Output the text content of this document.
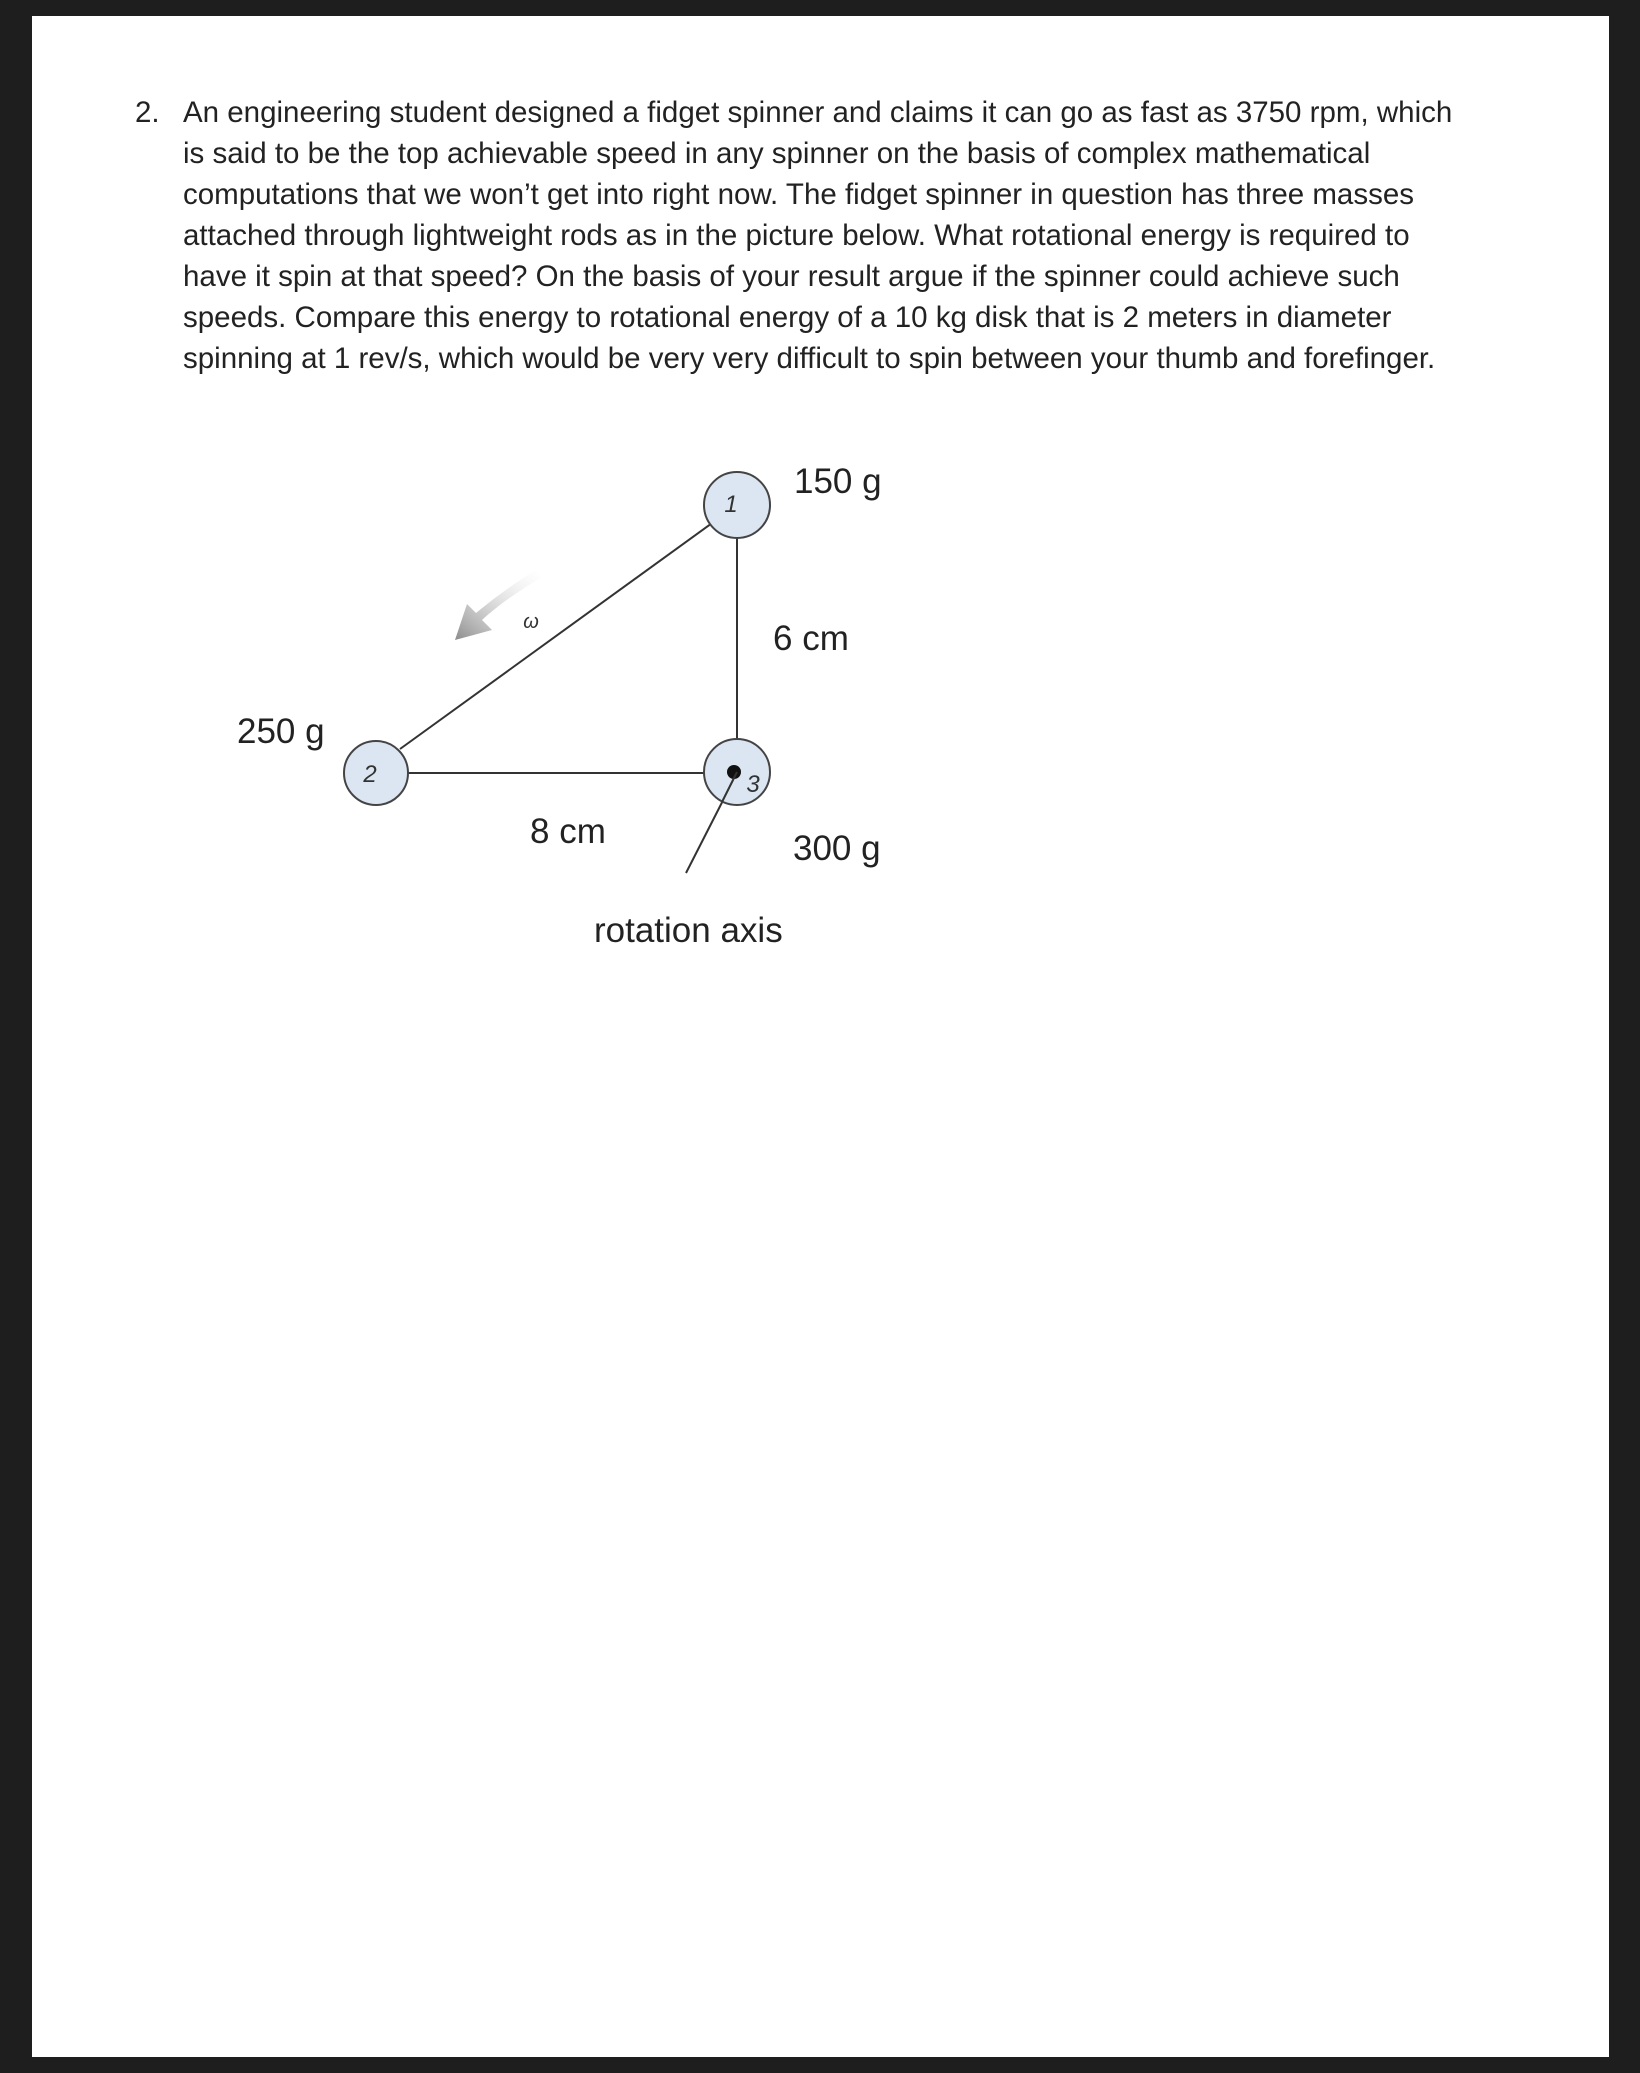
2. An engineering student designed a fidget spinner and claims it can go as fast as 3750 rpm, which
is said to be the top achievable speed in any spinner on the basis of complex mathematical
computations that we won’t get into right now. The fidget spinner in question has three masses
attached through lightweight rods as in the picture below. What rotational energy is required to
have it spin at that speed? On the basis of your result argue if the spinner could achieve such
speeds. Compare this energy to rotational energy of a 10 kg disk that is 2 meters in diameter
spinning at 1 rev/s, which would be very very difficult to spin between your thumb and forefinger.
ω
1
2	3
150 g
250 g
300 g
6 cm
8 cm
rotation axis
